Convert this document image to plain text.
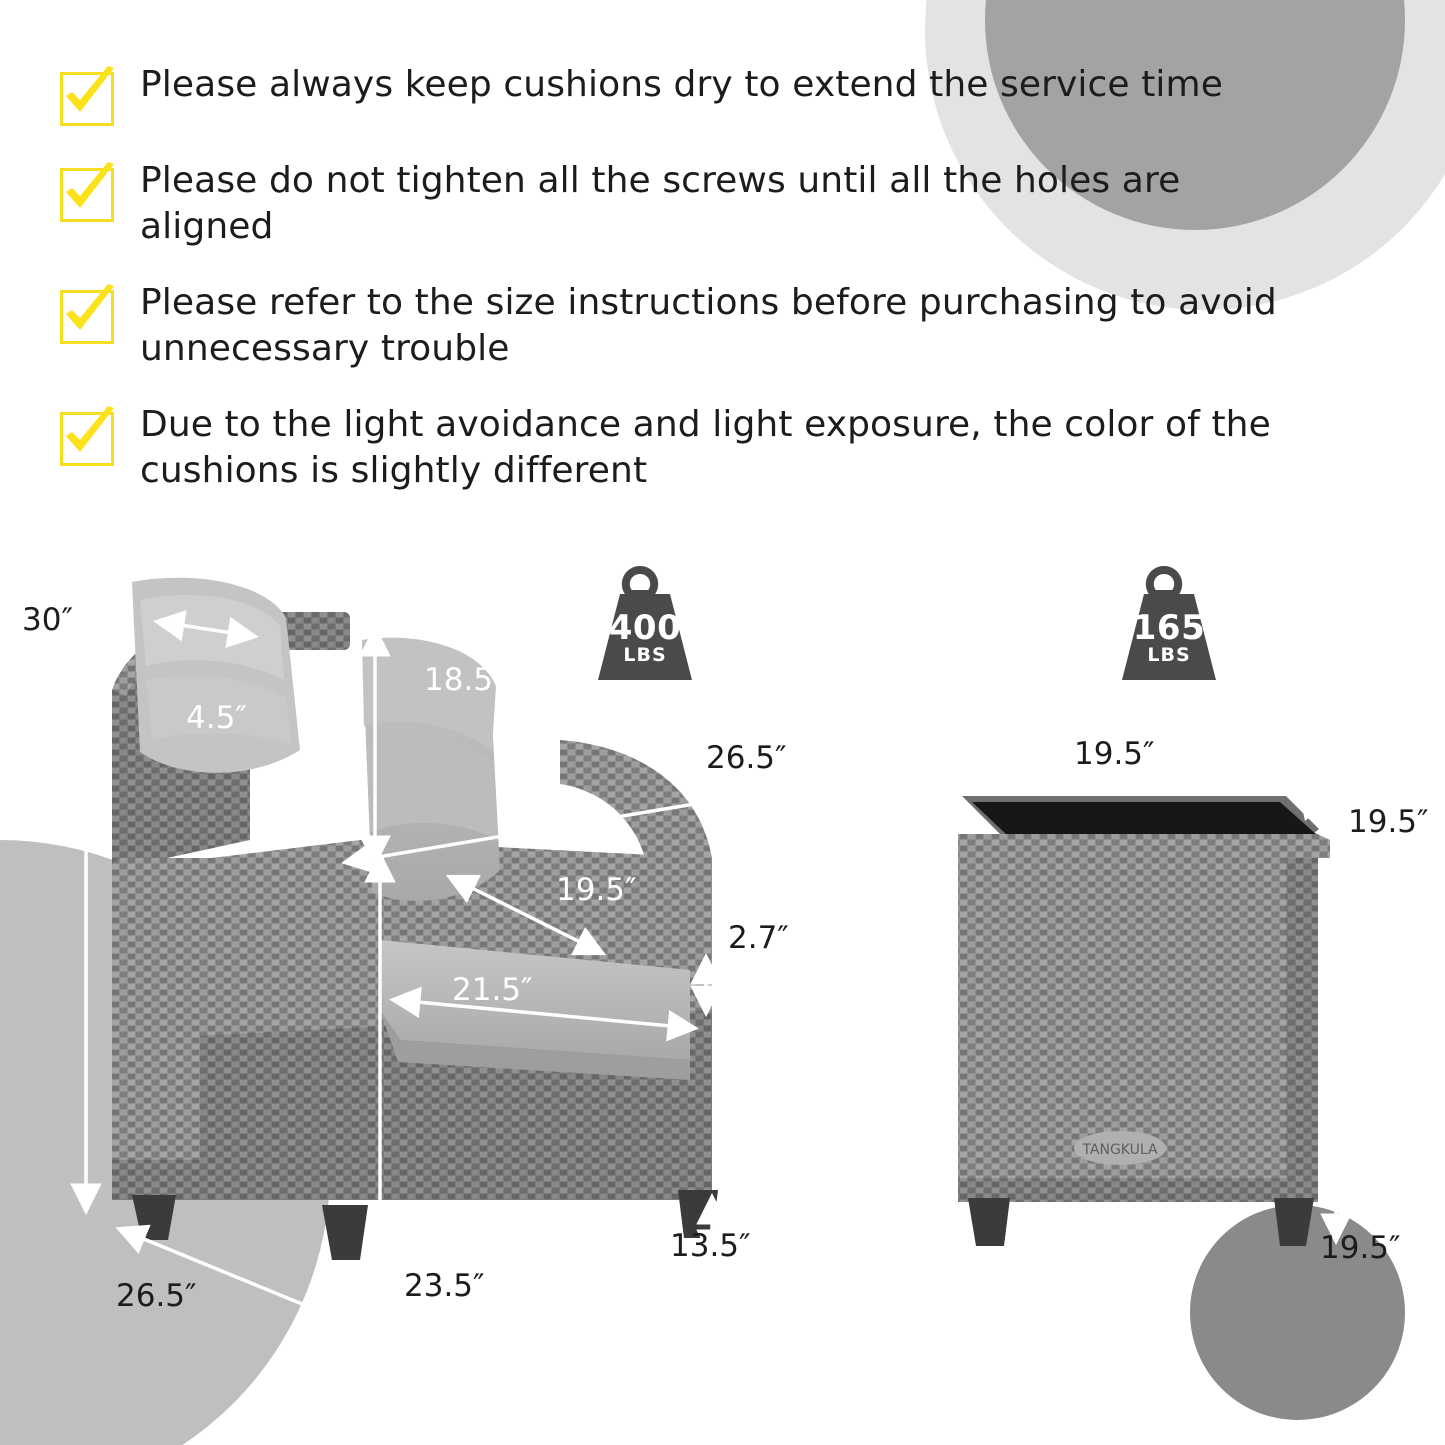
Please always keep cushions dry to extend the service time
Please do not tighten all the screws until all the holes are aligned
Please refer to the size instructions before purchasing to avoid unnecessary trouble
Due to the light avoidance and light exposure, the color of the cushions is slightly different
TANGKULA
30″
4.5″
18.5″
26.5″
19.5″
2.7″
21.5″
26.5″	23.5″
13.5″
19.5″
19.5″
19.5″
400
LBS
165
LBS
